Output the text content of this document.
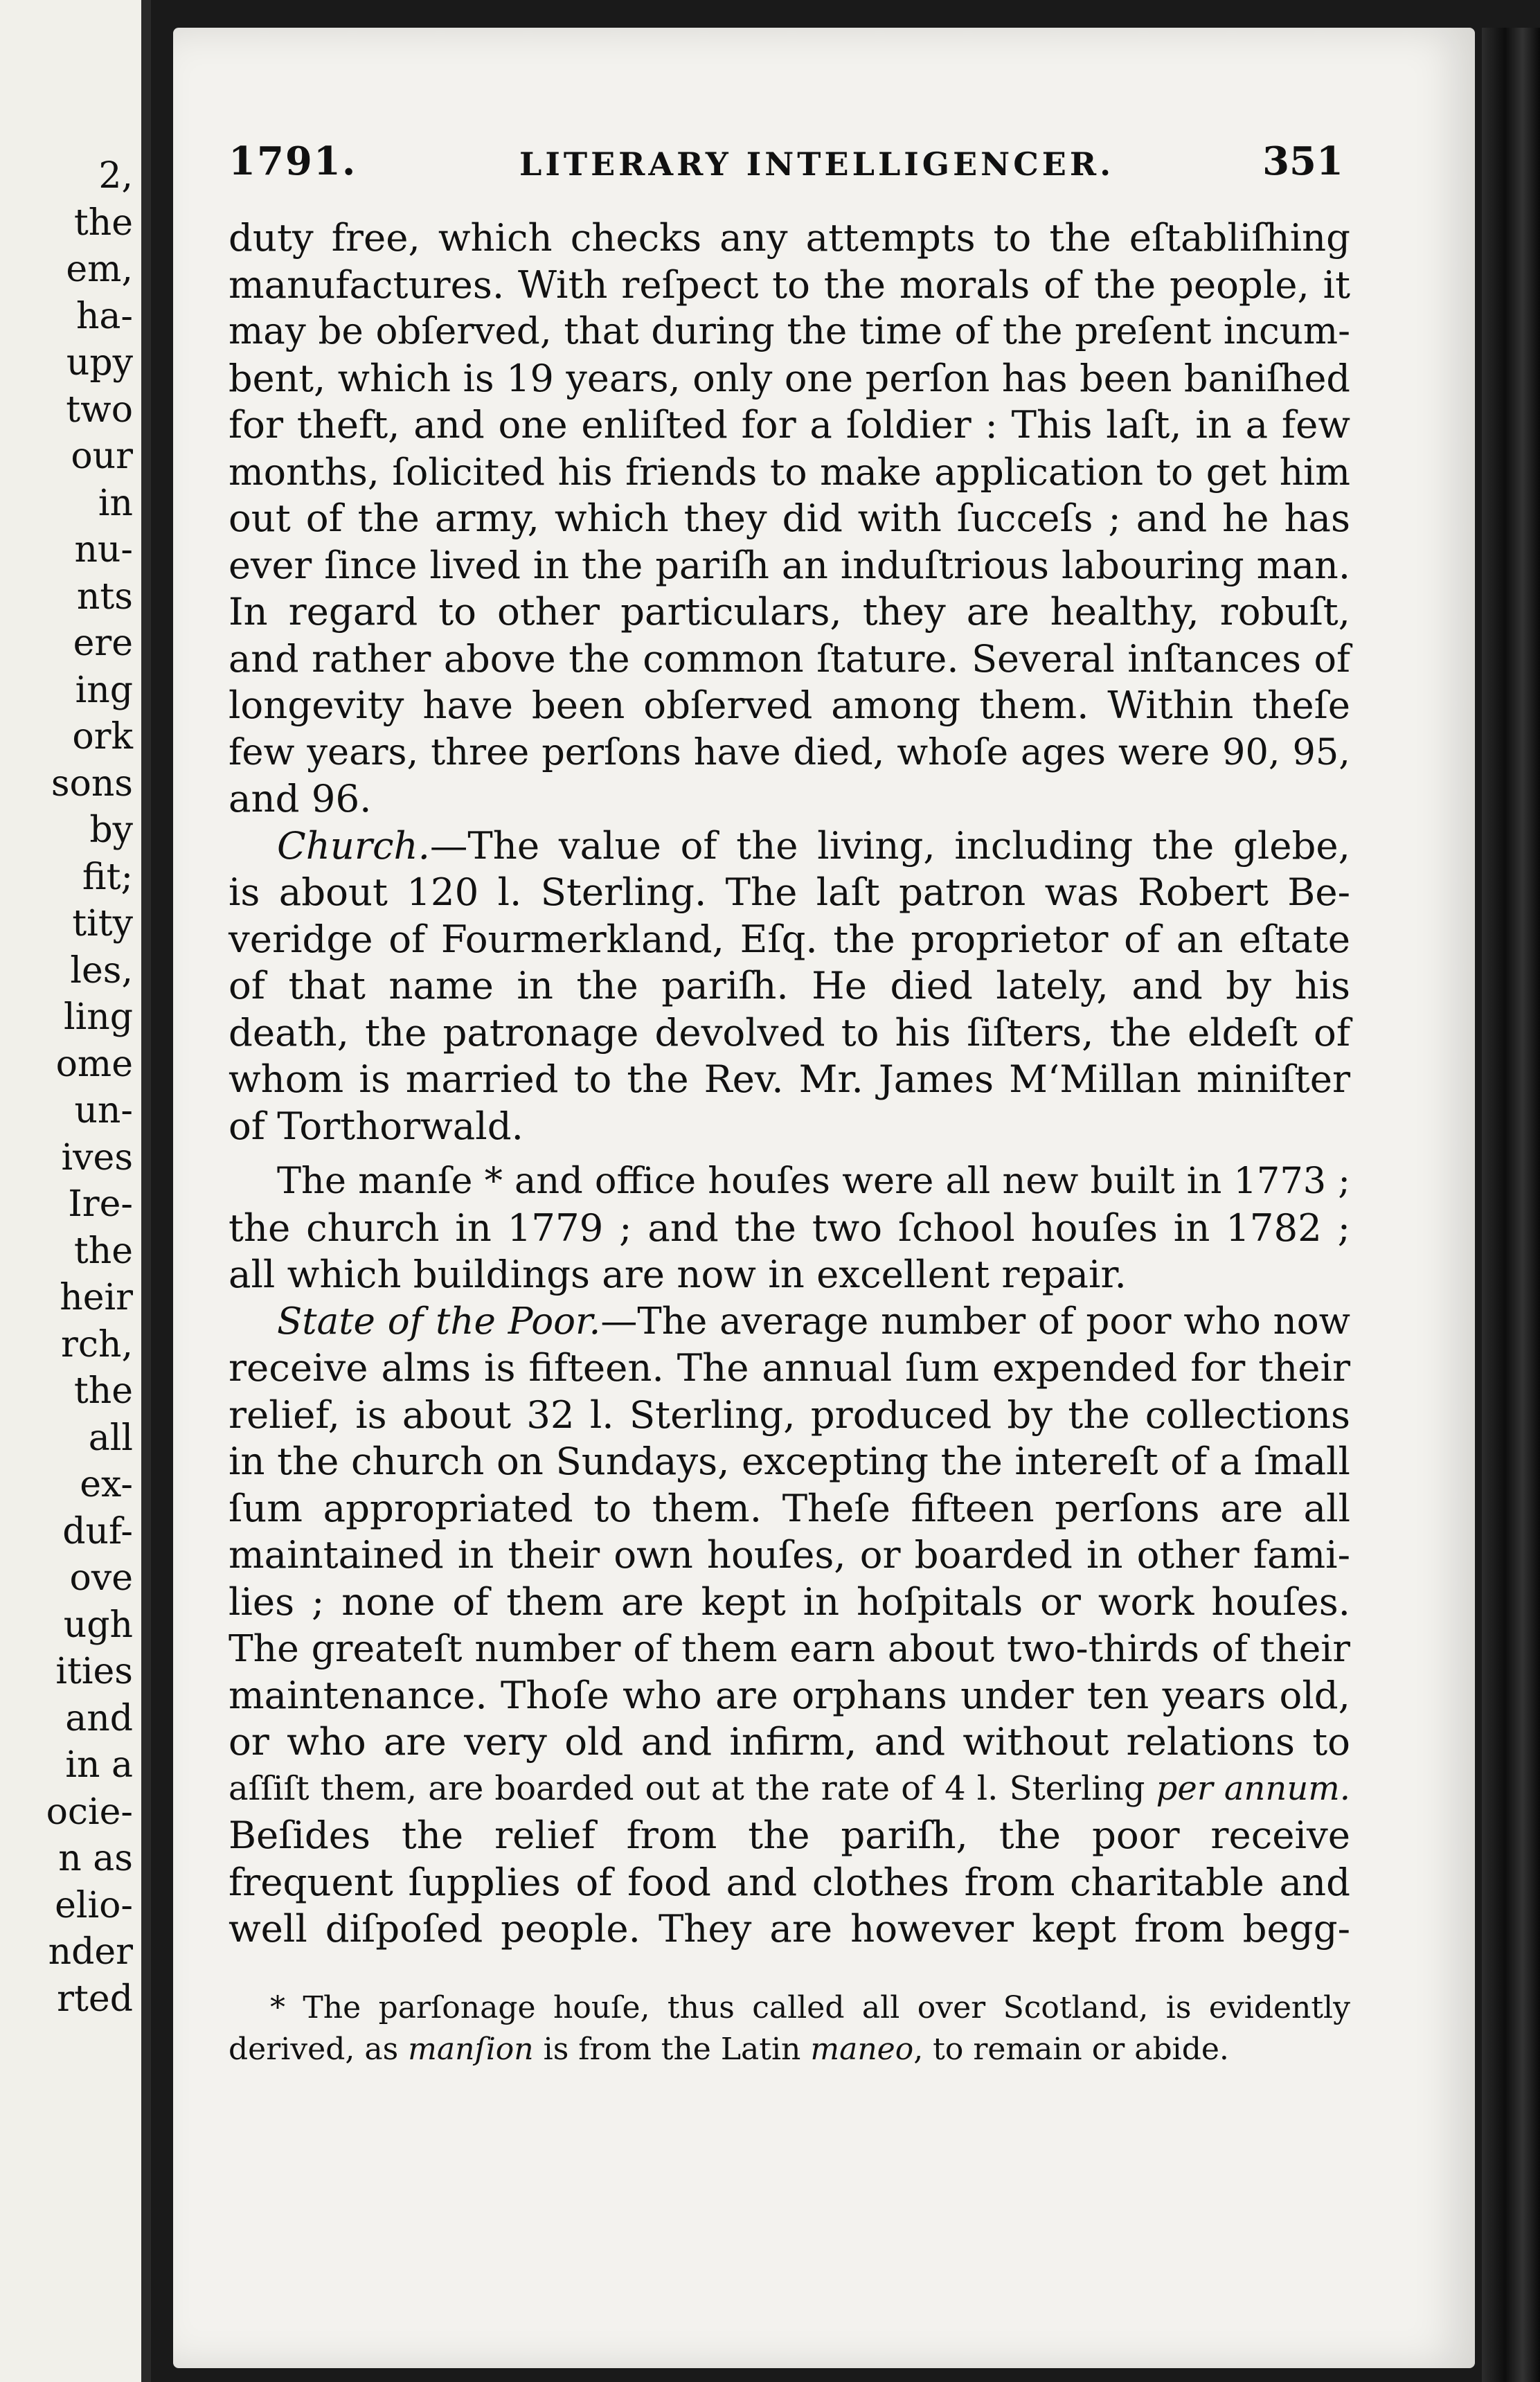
2,
the
em,
ha-
upy
two
our
in
nu-
nts
ere
ing
ork
sons
by
fit;
tity
les,
ling
ome
un-
ives
Ire-
the
heir
rch,
the
all
ex-
duf-
ove
ugh
ities
and
in a
ocie-
n as
elio-
nder
rted
1791.	LITERARY INTELLIGENCER.	351
duty free, which checks any attempts to the eſtabliſhing
manufactures. With reſpect to the morals of the people, it
may be obſerved, that during the time of the preſent incum-
bent, which is 19 years, only one perſon has been baniſhed
for theft, and one enliſted for a ſoldier : This laſt, in a few
months, ſolicited his friends to make application to get him
out of the army, which they did with ſucceſs ; and he has
ever ſince lived in the pariſh an induſtrious labouring man.
In regard to other particulars, they are healthy, robuſt,
and rather above the common ſtature. Several inſtances of
longevity have been obſerved among them. Within theſe
few years, three perſons have died, whoſe ages were 90, 95,
and 96.
Church.—The value of the living, including the glebe,
is about 120 l. Sterling. The laſt patron was Robert Be-
veridge of Fourmerkland, Eſq. the proprietor of an eſtate
of that name in the pariſh. He died lately, and by his
death, the patronage devolved to his ſiſters, the eldeſt of
whom is married to the Rev. Mr. James M‘Millan miniſter
of Torthorwald.
The manſe * and office houſes were all new built in 1773 ;
the church in 1779 ; and the two ſchool houſes in 1782 ;
all which buildings are now in excellent repair.
State of the Poor.—The average number of poor who now
receive alms is fifteen. The annual ſum expended for their
relief, is about 32 l. Sterling, produced by the collections
in the church on Sundays, excepting the intereſt of a ſmall
ſum appropriated to them. Theſe fifteen perſons are all
maintained in their own houſes, or boarded in other fami-
lies ; none of them are kept in hoſpitals or work houſes.
The greateſt number of them earn about two-thirds of their
maintenance. Thoſe who are orphans under ten years old,
or who are very old and infirm, and without relations to
aſſiſt them, are boarded out at the rate of 4 l. Sterling per annum.
Beſides the relief from the pariſh, the poor receive
frequent ſupplies of food and clothes from charitable and
well diſpoſed people. They are however kept from begg-
* The parſonage houſe, thus called all over Scotland, is evidently
derived, as manſion is from the Latin maneo, to remain or abide.
